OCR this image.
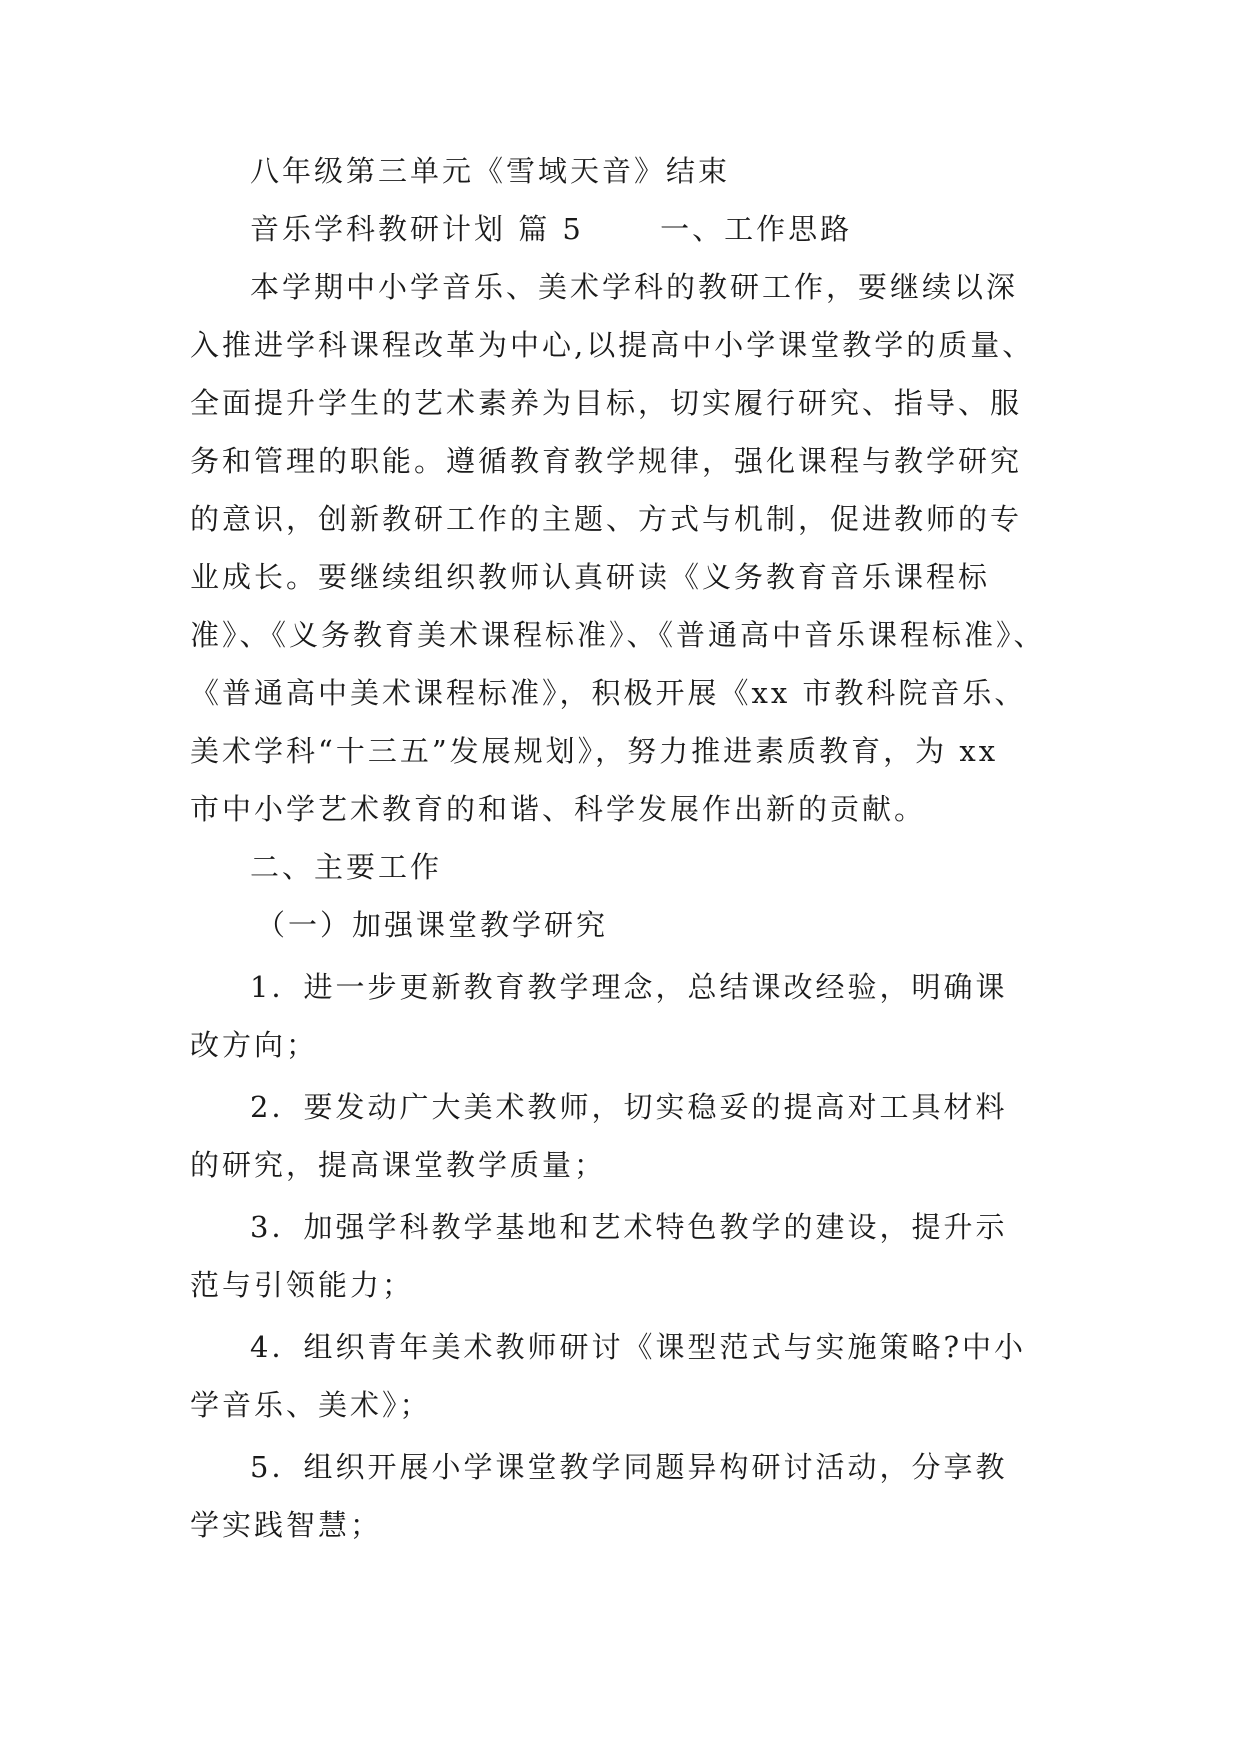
八年级第三单元《雪域天音》结束
音乐学科教研计划 篇 5　　 一、工作思路
本学期中小学音乐、美术学科的教研工作，要继续以深
入推进学科课程改革为中心,以提高中小学课堂教学的质量、
全面提升学生的艺术素养为目标，切实履行研究、指导、服
务和管理的职能。遵循教育教学规律，强化课程与教学研究
的意识，创新教研工作的主题、方式与机制，促进教师的专
业成长。要继续组织教师认真研读《义务教育音乐课程标
准》、《义务教育美术课程标准》、《普通高中音乐课程标准》、
《普通高中美术课程标准》，积极开展《xx 市教科院音乐、
美术学科“十三五”发展规划》，努力推进素质教育，为 xx
市中小学艺术教育的和谐、科学发展作出新的贡献。
二、主要工作
（一）加强课堂教学研究
1．进一步更新教育教学理念，总结课改经验，明确课
改方向；
2．要发动广大美术教师，切实稳妥的提高对工具材料
的研究，提高课堂教学质量；
3．加强学科教学基地和艺术特色教学的建设，提升示
范与引领能力；
4．组织青年美术教师研讨《课型范式与实施策略?中小
学音乐、美术》；
5．组织开展小学课堂教学同题异构研讨活动，分享教
学实践智慧；
